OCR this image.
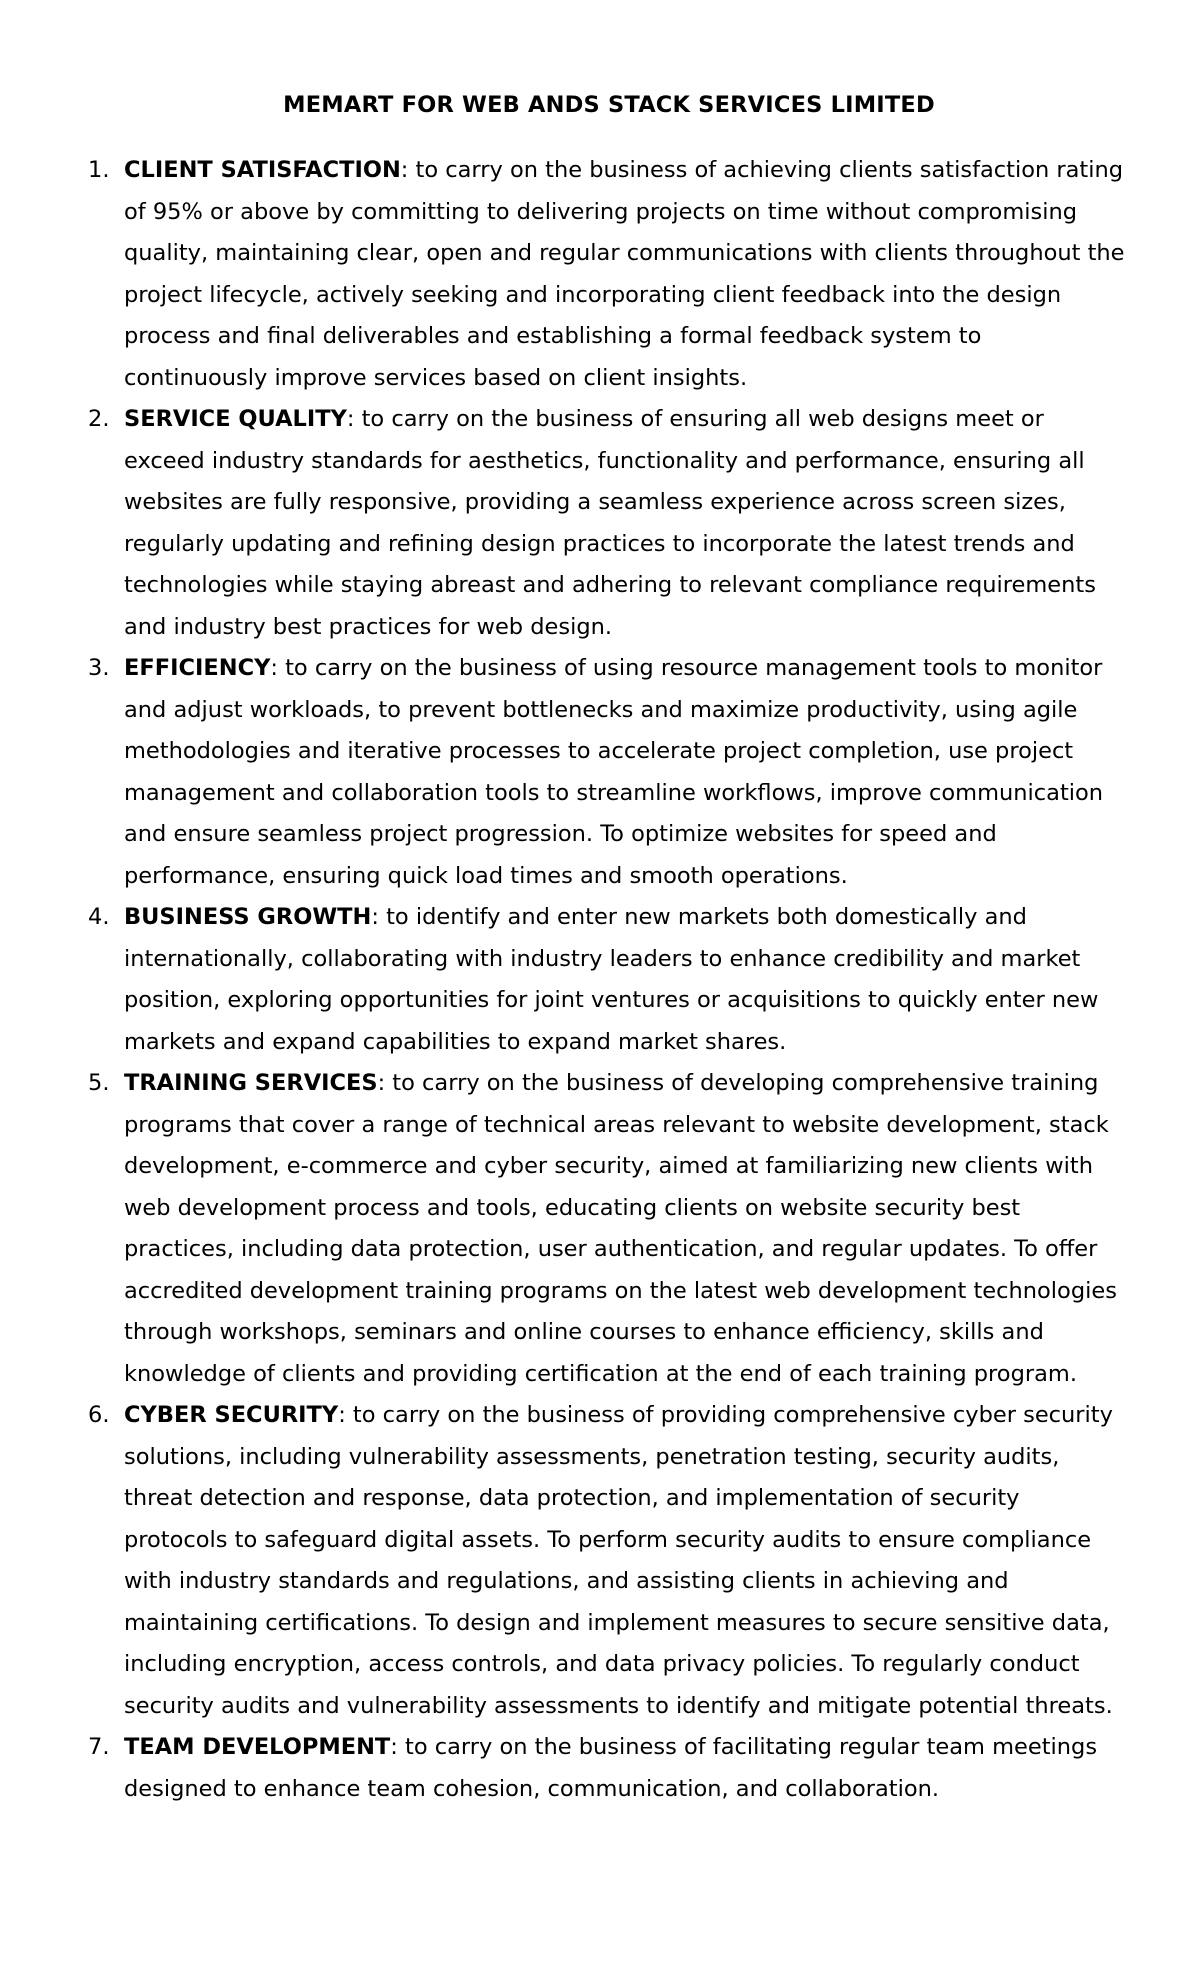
MEMART FOR WEB ANDS STACK SERVICES LIMITED
1. CLIENT SATISFACTION: to carry on the business of achieving clients satisfaction rating of 95% or above by committing to delivering projects on time without compromising quality, maintaining clear, open and regular communications with clients throughout the project lifecycle, actively seeking and incorporating client feedback into the design process and final deliverables and establishing a formal feedback system to continuously improve services based on client insights.
2. SERVICE QUALITY: to carry on the business of ensuring all web designs meet or exceed industry standards for aesthetics, functionality and performance, ensuring all websites are fully responsive, providing a seamless experience across screen sizes, regularly updating and refining design practices to incorporate the latest trends and technologies while staying abreast and adhering to relevant compliance requirements and industry best practices for web design.
3. EFFICIENCY: to carry on the business of using resource management tools to monitor and adjust workloads, to prevent bottlenecks and maximize productivity, using agile methodologies and iterative processes to accelerate project completion, use project management and collaboration tools to streamline workflows, improve communication and ensure seamless project progression. To optimize websites for speed and performance, ensuring quick load times and smooth operations.
4. BUSINESS GROWTH: to identify and enter new markets both domestically and internationally, collaborating with industry leaders to enhance credibility and market position, exploring opportunities for joint ventures or acquisitions to quickly enter new markets and expand capabilities to expand market shares.
5. TRAINING SERVICES: to carry on the business of developing comprehensive training programs that cover a range of technical areas relevant to website development, stack development, e-commerce and cyber security, aimed at familiarizing new clients with web development process and tools, educating clients on website security best practices, including data protection, user authentication, and regular updates. To offer accredited development training programs on the latest web development technologies through workshops, seminars and online courses to enhance efficiency, skills and knowledge of clients and providing certification at the end of each training program.
6. CYBER SECURITY: to carry on the business of providing comprehensive cyber security solutions, including vulnerability assessments, penetration testing, security audits, threat detection and response, data protection, and implementation of security protocols to safeguard digital assets. To perform security audits to ensure compliance with industry standards and regulations, and assisting clients in achieving and maintaining certifications. To design and implement measures to secure sensitive data, including encryption, access controls, and data privacy policies. To regularly conduct security audits and vulnerability assessments to identify and mitigate potential threats.
7. TEAM DEVELOPMENT: to carry on the business of facilitating regular team meetings designed to enhance team cohesion, communication, and collaboration.
